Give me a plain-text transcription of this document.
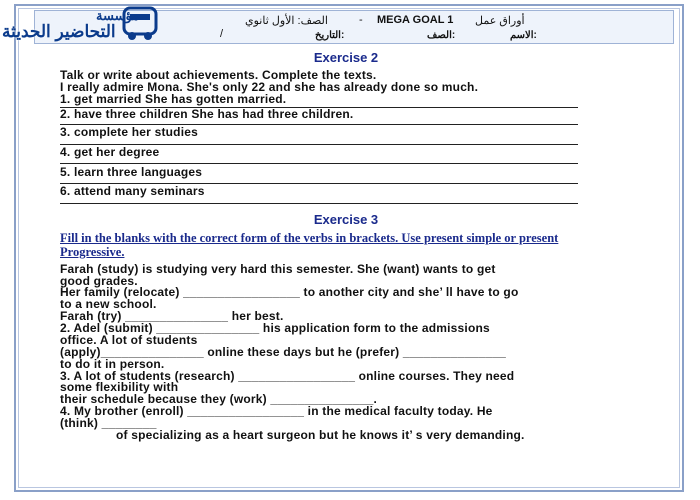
أوراق عمل
MEGA GOAL 1
-
الصف: الأول ثانوي
الاسم:
الصف:
التاريخ:
/
مؤسسة
التحاضير الحديثة
Exercise 2
Talk or write about achievements. Complete the texts.
I really admire Mona. She's only 22 and she has already done so much.
1. get married She has gotten married.
2. have three children She has had three children.
3. complete her studies
4. get her degree
5. learn three languages
6. attend many seminars
Exercise 3
Fill in the blanks with the correct form of the verbs in brackets. Use present simple or present Progressive.
Farah (study) is studying very hard this semester. She (want) wants to get
good grades.
Her family (relocate) _________________ to another city and she’ ll have to go
to a new school.
Farah (try) _______________ her best.
2. Adel (submit) _______________ his application form to the admissions
office. A lot of students
(apply)_______________ online these days but he (prefer) _______________
to do it in person.
3. A lot of students (research) _________________ online courses. They need
some flexibility with
their schedule because they (work) _______________.
4. My brother (enroll) _________________ in the medical faculty today. He
(think) ________
of specializing as a heart surgeon but he knows it’ s very demanding.
